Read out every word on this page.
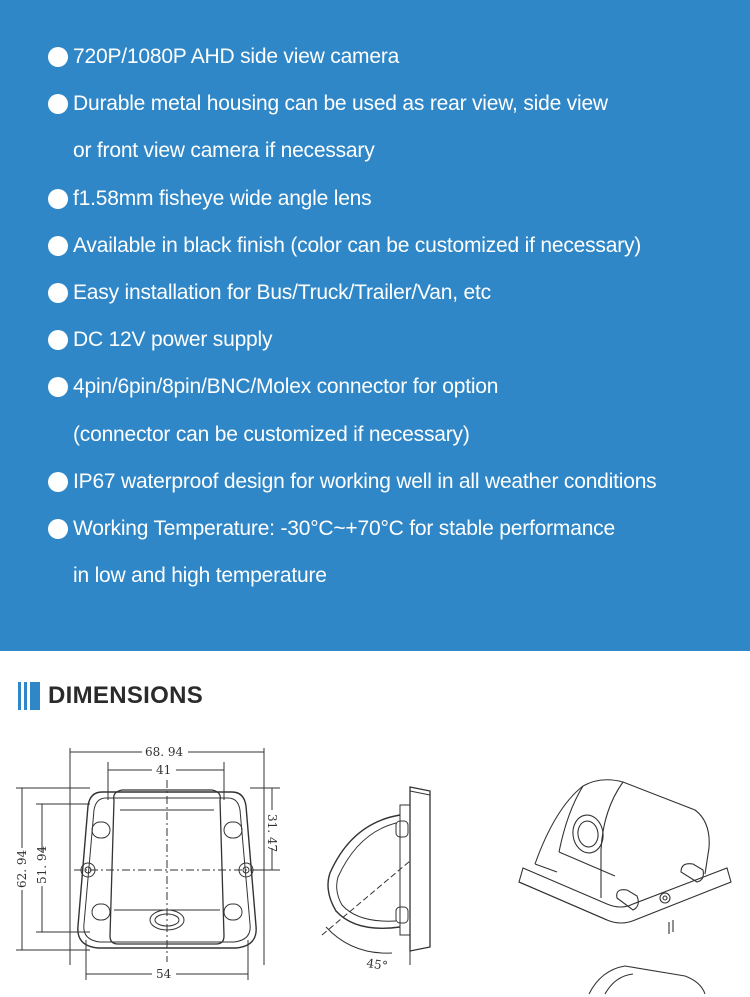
720P/1080P AHD side view camera
Durable metal housing can be used as rear view, side view
or front view camera if necessary
f1.58mm fisheye wide angle lens
Available in black finish (color can be customized if necessary)
Easy installation for Bus/Truck/Trailer/Van, etc
DC 12V power supply
4pin/6pin/8pin/BNC/Molex connector for option
(connector can be customized if necessary)
IP67 waterproof design for working well in all weather conditions
Working Temperature: -30°C~+70°C for stable performance
in low and high temperature
DIMENSIONS
68. 94
41
54
62. 94 51. 94
31. 47
45°
